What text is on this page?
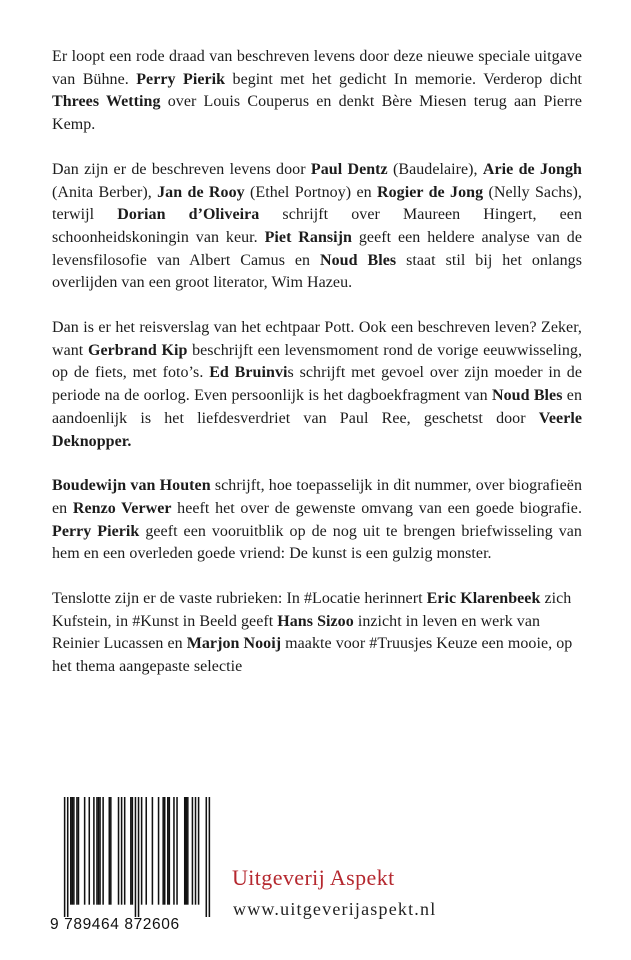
Er loopt een rode draad van beschreven levens door deze nieuwe speciale uitgave van Bühne. Perry Pierik begint met het gedicht In memorie. Verderop dicht Threes Wetting over Louis Couperus en denkt Bère Miesen terug aan Pierre Kemp.

Dan zijn er de beschreven levens door Paul Dentz (Baudelaire), Arie de Jongh (Anita Berber), Jan de Rooy (Ethel Portnoy) en Rogier de Jong (Nelly Sachs), terwijl Dorian d’Oliveira schrijft over Maureen Hingert, een schoonheidskoningin van keur. Piet Ransijn geeft een heldere analyse van de levensfilosofie van Albert Camus en Noud Bles staat stil bij het onlangs overlijden van een groot literator, Wim Hazeu.

Dan is er het reisverslag van het echtpaar Pott. Ook een beschreven leven? Zeker, want Gerbrand Kip beschrijft een levensmoment rond de vorige eeuwwisseling, op de fiets, met foto’s. Ed Bruinvis schrijft met gevoel over zijn moeder in de periode na de oorlog. Even persoonlijk is het dagboekfragment van Noud Bles en aandoenlijk is het liefdesverdriet van Paul Ree, geschetst door Veerle Deknopper.

Boudewijn van Houten schrijft, hoe toepasselijk in dit nummer, over biografieën en Renzo Verwer heeft het over de gewenste omvang van een goede biografie. Perry Pierik geeft een vooruitblik op de nog uit te brengen briefwisseling van hem en een overleden goede vriend: De kunst is een gulzig monster.

Tenslotte zijn er de vaste rubrieken: In #Locatie herinnert Eric Klarenbeek zich Kufstein, in #Kunst in Beeld geeft Hans Sizoo inzicht in leven en werk van Reinier Lucassen en Marjon Nooij maakte voor #Truusjes Keuze een mooie, op het thema aangepaste selectie

9 789464 872606
Uitgeverij Aspekt
www.uitgeverijaspekt.nl
